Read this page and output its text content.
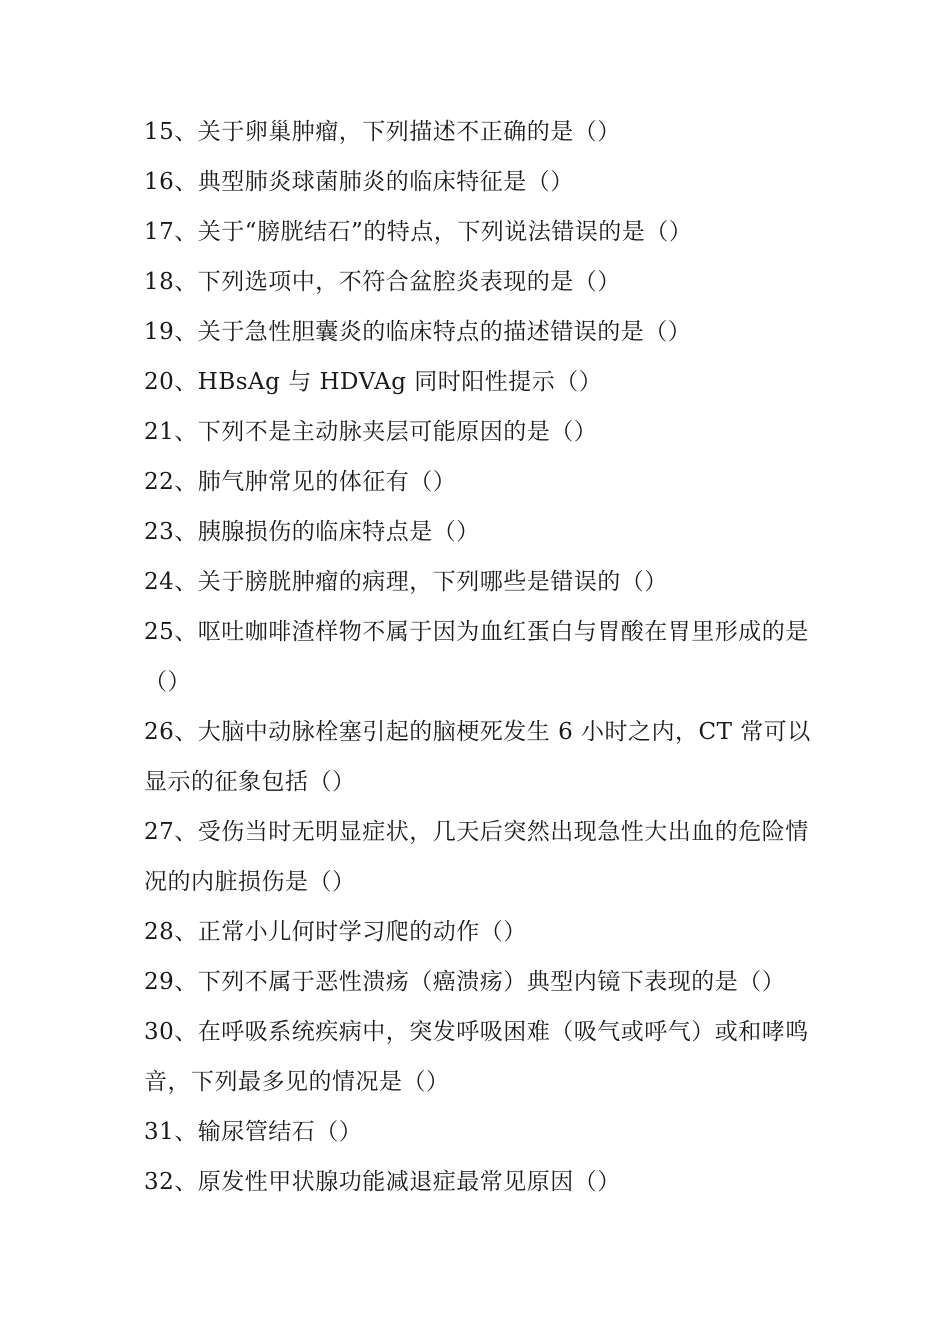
15、关于卵巢肿瘤，下列描述不正确的是（）
16、典型肺炎球菌肺炎的临床特征是（）
17、关于“膀胱结石”的特点，下列说法错误的是（）
18、下列选项中，不符合盆腔炎表现的是（）
19、关于急性胆囊炎的临床特点的描述错误的是（）
20、HBsAg 与 HDVAg 同时阳性提示（）
21、下列不是主动脉夹层可能原因的是（）
22、肺气肿常见的体征有（）
23、胰腺损伤的临床特点是（）
24、关于膀胱肿瘤的病理，下列哪些是错误的（）
25、呕吐咖啡渣样物不属于因为血红蛋白与胃酸在胃里形成的是（）
26、大脑中动脉栓塞引起的脑梗死发生 6 小时之内，CT 常可以显示的征象包括（）
27、受伤当时无明显症状，几天后突然出现急性大出血的危险情况的内脏损伤是（）
28、正常小儿何时学习爬的动作（）
29、下列不属于恶性溃疡（癌溃疡）典型内镜下表现的是（）
30、在呼吸系统疾病中，突发呼吸困难（吸气或呼气）或和哮鸣音，下列最多见的情况是（）
31、输尿管结石（）
32、原发性甲状腺功能减退症最常见原因（）
